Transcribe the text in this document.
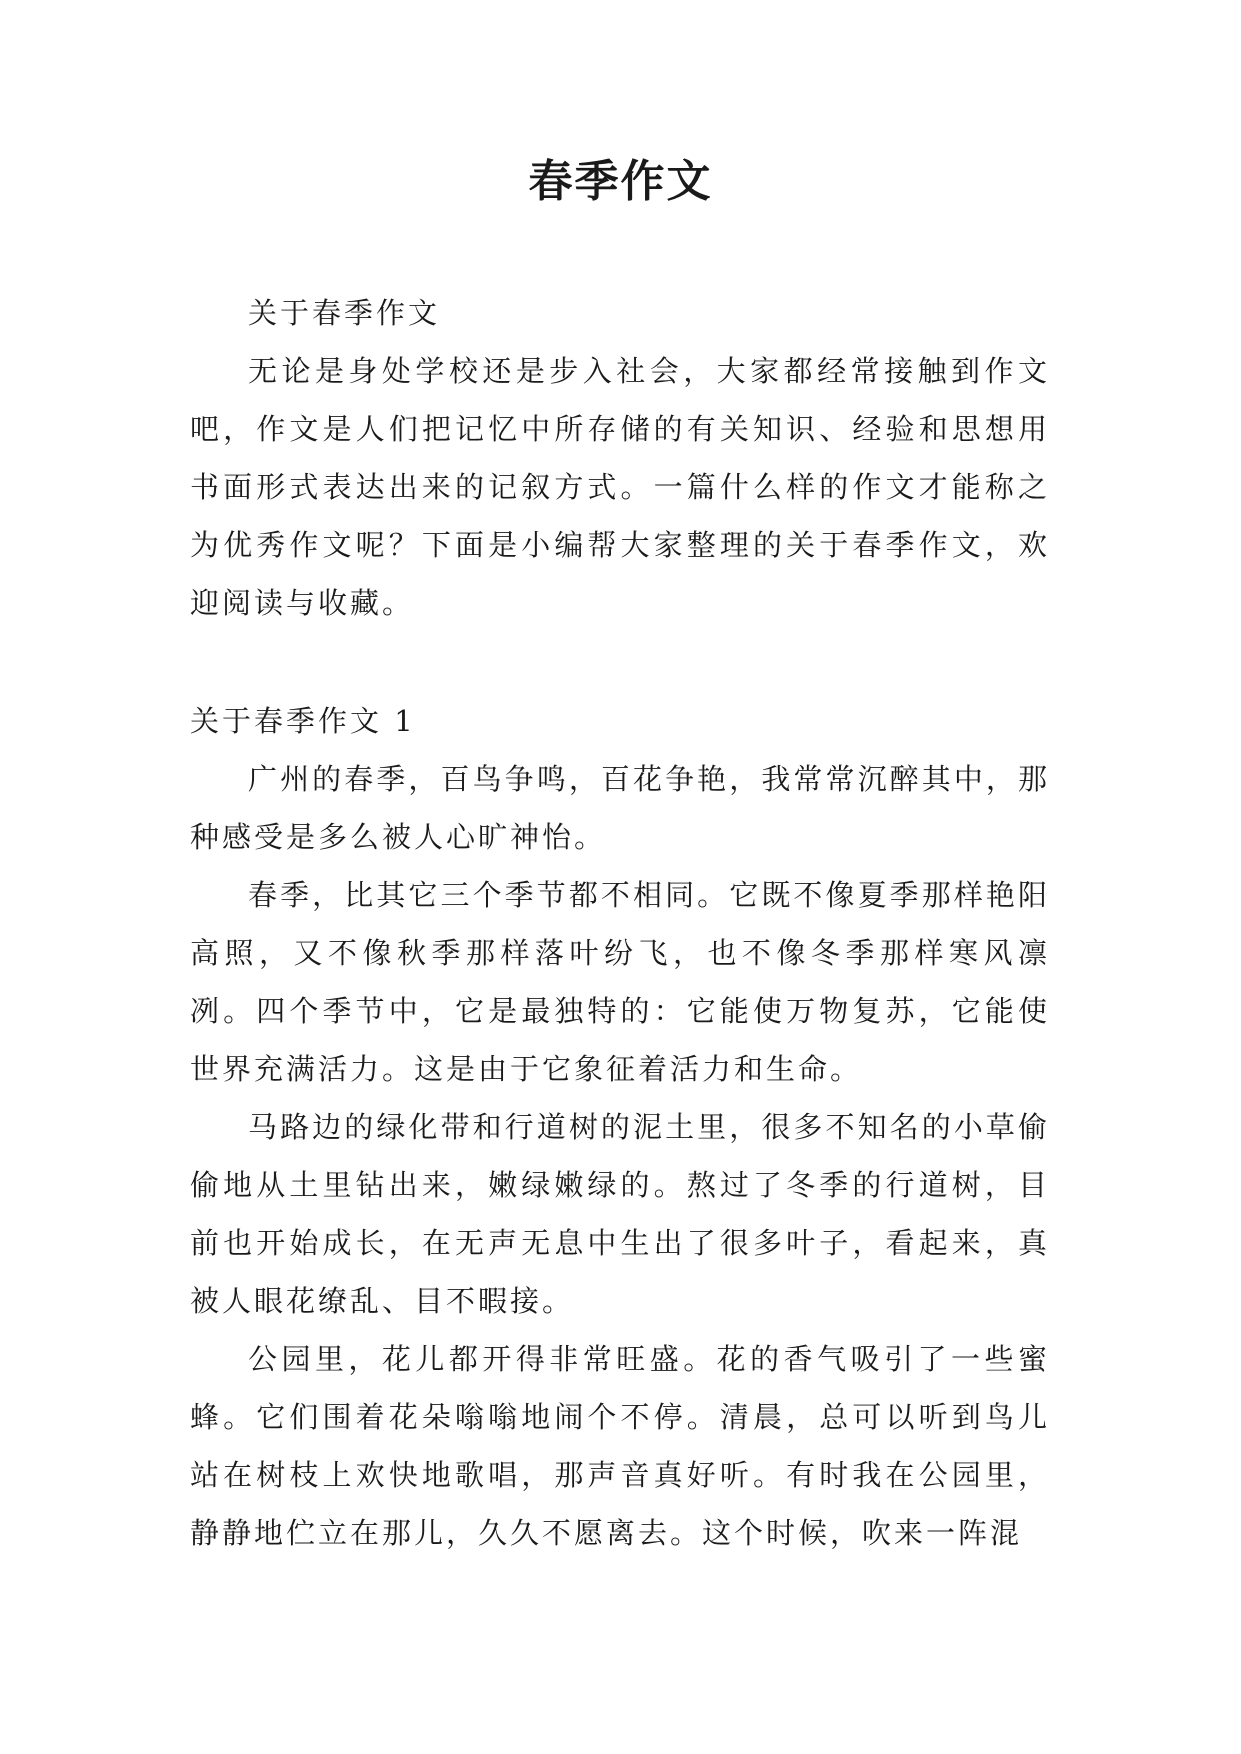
春季作文

关于春季作文

无论是身处学校还是步入社会，大家都经常接触到作文吧，作文是人们把记忆中所存储的有关知识、经验和思想用书面形式表达出来的记叙方式。一篇什么样的作文才能称之为优秀作文呢？下面是小编帮大家整理的关于春季作文，欢迎阅读与收藏。

关于春季作文 1

广州的春季，百鸟争鸣，百花争艳，我常常沉醉其中，那种感受是多么被人心旷神怡。

春季，比其它三个季节都不相同。它既不像夏季那样艳阳高照，又不像秋季那样落叶纷飞，也不像冬季那样寒风凛冽。四个季节中，它是最独特的：它能使万物复苏，它能使世界充满活力。这是由于它象征着活力和生命。

马路边的绿化带和行道树的泥土里，很多不知名的小草偷偷地从土里钻出来，嫩绿嫩绿的。熬过了冬季的行道树，目前也开始成长，在无声无息中生出了很多叶子，看起来，真被人眼花缭乱、目不暇接。

公园里，花儿都开得非常旺盛。花的香气吸引了一些蜜蜂。它们围着花朵嗡嗡地闹个不停。清晨，总可以听到鸟儿站在树枝上欢快地歌唱，那声音真好听。有时我在公园里，静静地伫立在那儿，久久不愿离去。这个时候，吹来一阵混
